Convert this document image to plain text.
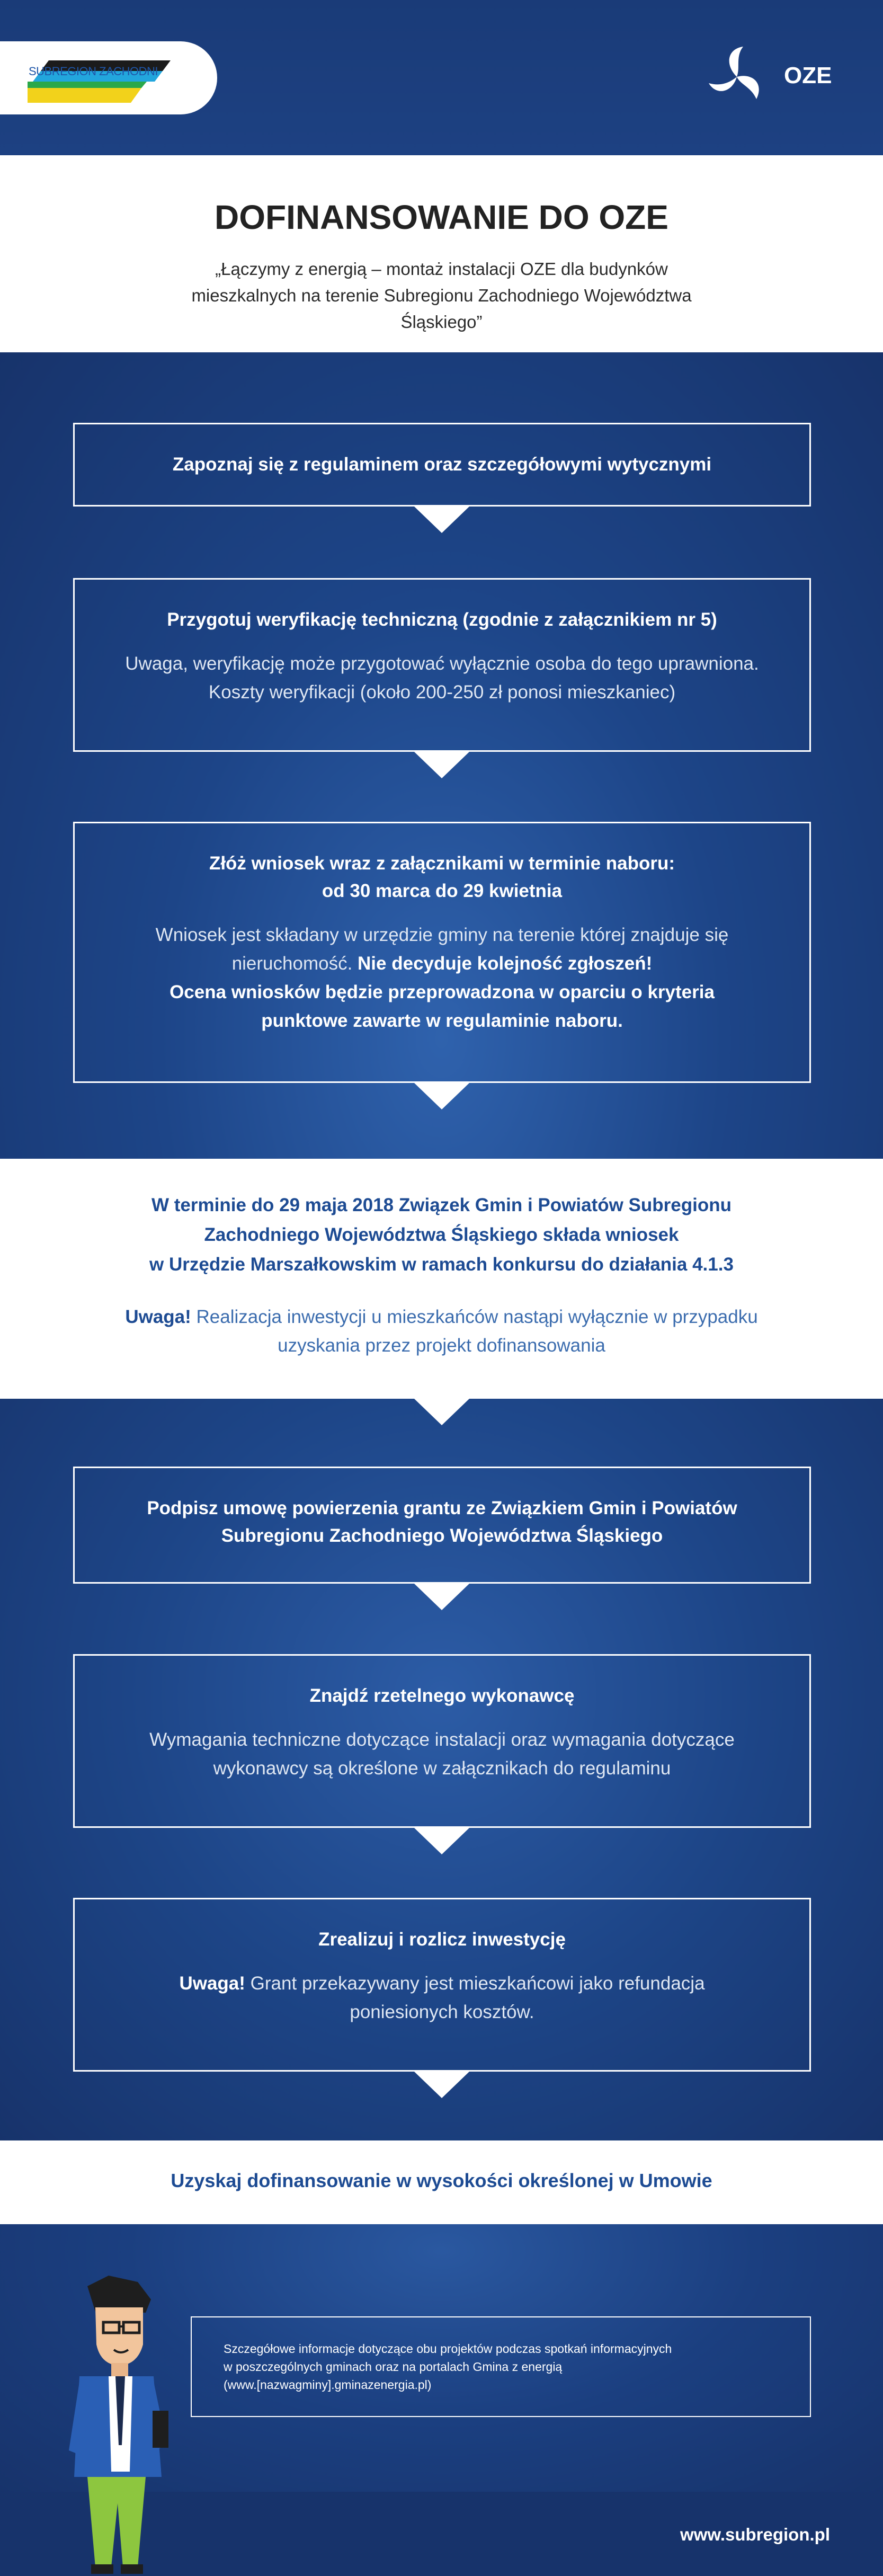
SUBREGION ZACHODNI	OZE
DOFINANSOWANIE DO OZE
„Łączymy z energią – montaż instalacji OZE dla budynków
mieszkalnych na terenie Subregionu Zachodniego Województwa Śląskiego”
Zapoznaj się z regulaminem oraz szczegółowymi wytycznymi
Przygotuj weryfikację techniczną (zgodnie z załącznikiem nr 5)
Uwaga, weryfikację może przygotować wyłącznie osoba do tego uprawniona.
Koszty weryfikacji (około 200-250 zł ponosi mieszkaniec)
Złóż wniosek wraz z załącznikami w terminie naboru:
od 30 marca do 29 kwietnia
Wniosek jest składany w urzędzie gminy na terenie której znajduje się
nieruchomość. Nie decyduje kolejność zgłoszeń!
Ocena wniosków będzie przeprowadzona w oparciu o kryteria
punktowe zawarte w regulaminie naboru.
W terminie do 29 maja 2018 Związek Gmin i Powiatów Subregionu
Zachodniego Województwa Śląskiego składa wniosek
w Urzędzie Marszałkowskim w ramach konkursu do działania 4.1.3
Uwaga! Realizacja inwestycji u mieszkańców nastąpi wyłącznie w przypadku
uzyskania przez projekt dofinansowania
Podpisz umowę powierzenia grantu ze Związkiem Gmin i Powiatów
Subregionu Zachodniego Województwa Śląskiego
Znajdź rzetelnego wykonawcę
Wymagania techniczne dotyczące instalacji oraz wymagania dotyczące
wykonawcy są określone w załącznikach do regulaminu
Zrealizuj i rozlicz inwestycję
Uwaga! Grant przekazywany jest mieszkańcowi jako refundacja
poniesionych kosztów.
Uzyskaj dofinansowanie w wysokości określonej w Umowie
Szczegółowe informacje dotyczące obu projektów podczas spotkań informacyjnych
w poszczególnych gminach oraz na portalach Gmina z energią
(www.[nazwagminy].gminazenergia.pl)
www.subregion.pl
